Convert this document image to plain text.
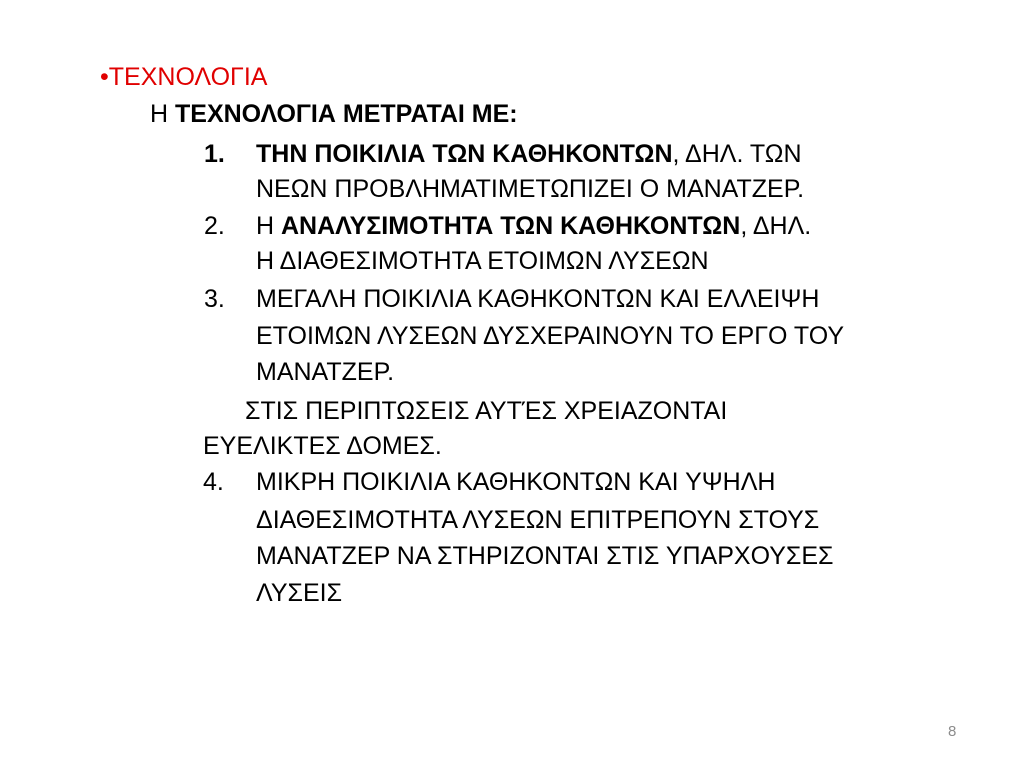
•ΤΕΧΝΟΛΟΓΙΑ
Η ΤΕΧΝΟΛΟΓΙΑ ΜΕΤΡΑΤΑΙ ΜΕ:
1. ΤΗΝ ΠΟΙΚΙΛΙΑ ΤΩΝ ΚΑΘΗΚΟΝΤΩΝ, ΔΗΛ. ΤΩΝ
ΝΕΩΝ ΠΡΟΒΛΗΜΑΤΙΜΕΤΩΠΙΖΕΙ Ο ΜΑΝΑΤΖΕΡ.
2. Η ΑΝΑΛΥΣΙΜΟΤΗΤΑ ΤΩΝ ΚΑΘΗΚΟΝΤΩΝ, ΔΗΛ.
Η ΔΙΑΘΕΣΙΜΟΤΗΤΑ ΕΤΟΙΜΩΝ ΛΥΣΕΩΝ
3. ΜΕΓΑΛΗ ΠΟΙΚΙΛΙΑ ΚΑΘΗΚΟΝΤΩΝ ΚΑΙ ΕΛΛΕΙΨΗ
ΕΤΟΙΜΩΝ ΛΥΣΕΩΝ ΔΥΣΧΕΡΑΙΝΟΥΝ ΤΟ ΕΡΓΟ ΤΟΥ
ΜΑΝΑΤΖΕΡ.
ΣΤΙΣ ΠΕΡΙΠΤΩΣΕΙΣ ΑΥΤΈΣ ΧΡΕΙΑΖΟΝΤΑΙ
ΕΥΕΛΙΚΤΕΣ ΔΟΜΕΣ.
4. ΜΙΚΡΗ ΠΟΙΚΙΛΙΑ ΚΑΘΗΚΟΝΤΩΝ ΚΑΙ ΥΨΗΛΗ
ΔΙΑΘΕΣΙΜΟΤΗΤΑ ΛΥΣΕΩΝ ΕΠΙΤΡΕΠΟΥΝ ΣΤΟΥΣ
ΜΑΝΑΤΖΕΡ ΝΑ ΣΤΗΡΙΖΟΝΤΑΙ ΣΤΙΣ ΥΠΑΡΧΟΥΣΕΣ
ΛΥΣΕΙΣ
8
